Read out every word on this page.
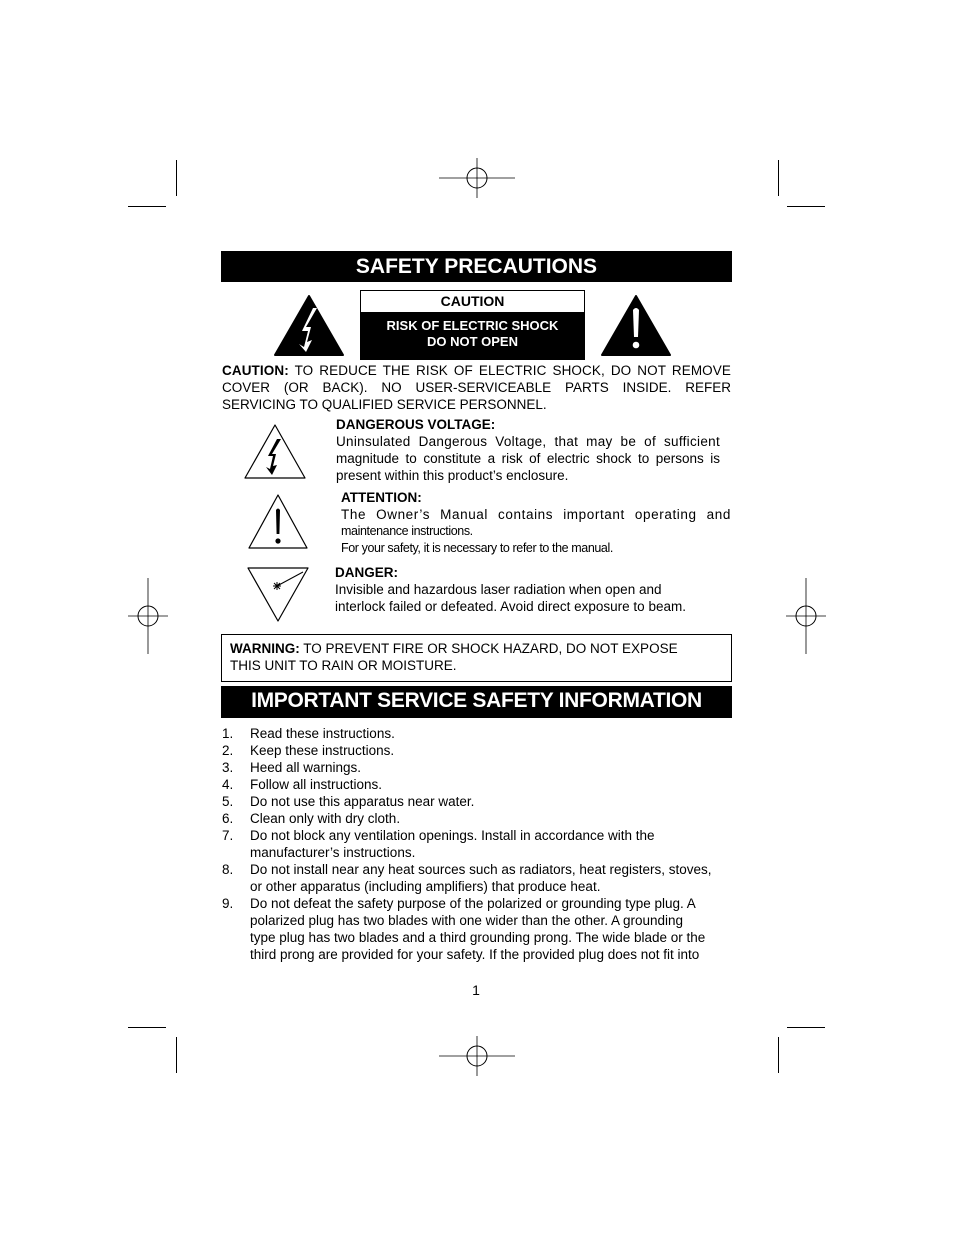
SAFETY PRECAUTIONS
CAUTION
RISK OF ELECTRIC SHOCK
DO NOT OPEN
CAUTION: TO REDUCE THE RISK OF ELECTRIC SHOCK, DO NOT REMOVE
COVER (OR BACK). NO USER-SERVICEABLE PARTS INSIDE. REFER
SERVICING TO QUALIFIED SERVICE PERSONNEL.
DANGEROUS VOLTAGE:
Uninsulated Dangerous Voltage, that may be of sufficient
magnitude to constitute a risk of electric shock to persons is
present within this product’s enclosure.
ATTENTION:
The Owner’s Manual contains important operating and
maintenance instructions.
For your safety, it is necessary to refer to the manual.
DANGER:
Invisible and hazardous laser radiation when open and
interlock failed or defeated. Avoid direct exposure to beam.
WARNING: TO PREVENT FIRE OR SHOCK HAZARD, DO NOT EXPOSE
THIS UNIT TO RAIN OR MOISTURE.
IMPORTANT SERVICE SAFETY INFORMATION
1. Read these instructions.
2. Keep these instructions.
3. Heed all warnings.
4. Follow all instructions.
5. Do not use this apparatus near water.
6. Clean only with dry cloth.
7. Do not block any ventilation openings. Install in accordance with the
manufacturer’s instructions.
8. Do not install near any heat sources such as radiators, heat registers, stoves,
or other apparatus (including amplifiers) that produce heat.
9. Do not defeat the safety purpose of the polarized or grounding type plug. A
polarized plug has two blades with one wider than the other. A grounding
type plug has two blades and a third grounding prong. The wide blade or the
third prong are provided for your safety. If the provided plug does not fit into
1
